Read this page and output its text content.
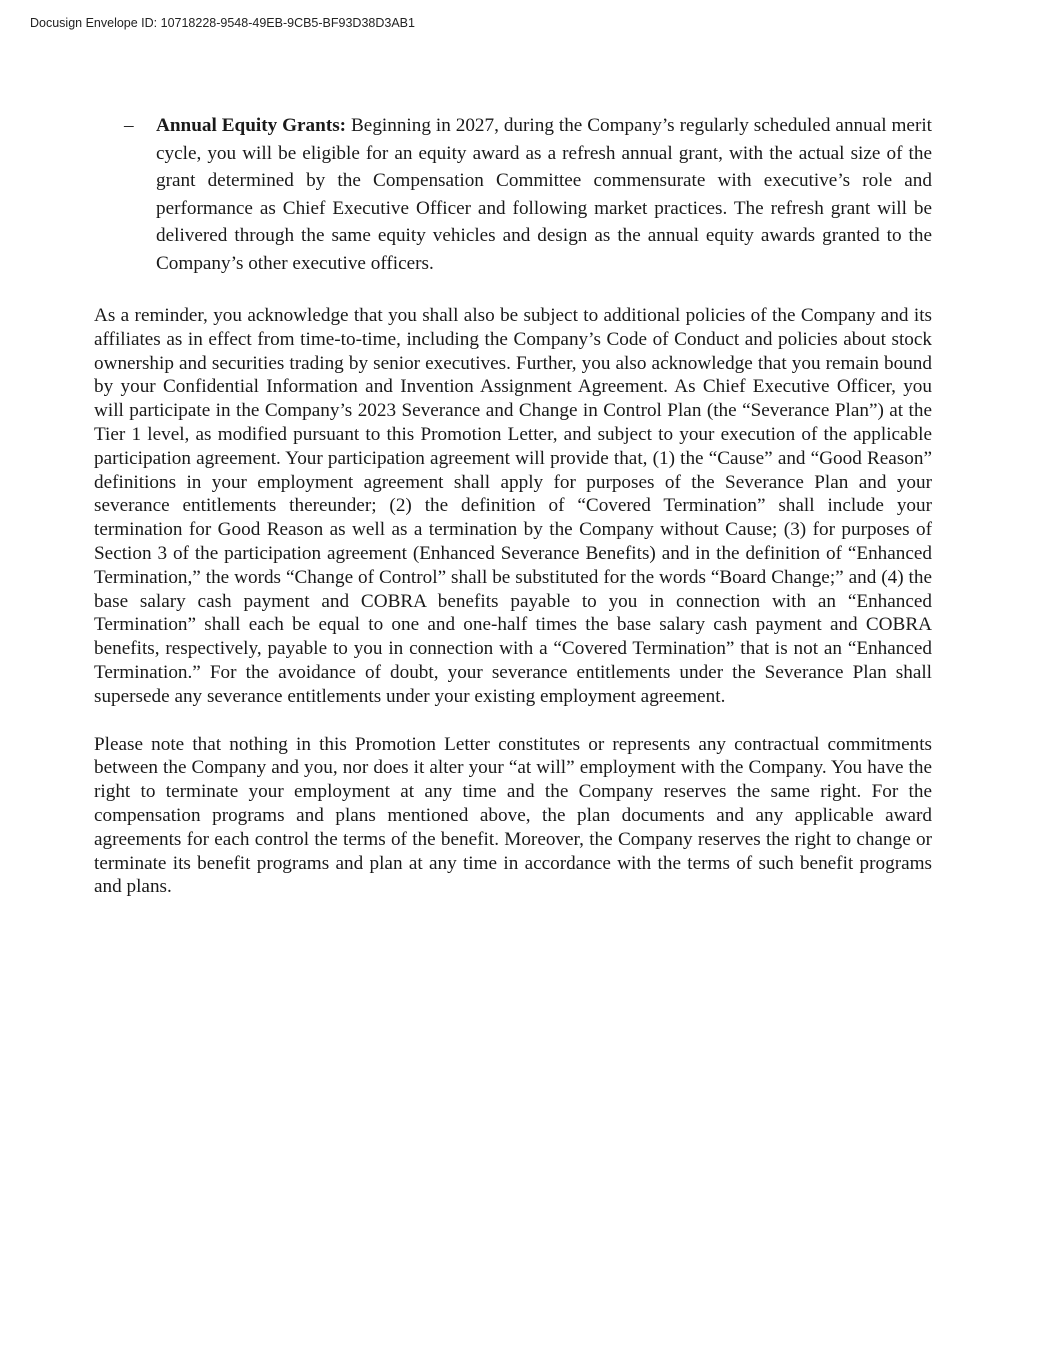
Docusign Envelope ID: 10718228-9548-49EB-9CB5-BF93D38D3AB1
– Annual Equity Grants: Beginning in 2027, during the Company’s regularly scheduled annual merit cycle, you will be eligible for an equity award as a refresh annual grant, with the actual size of the grant determined by the Compensation Committee commensurate with executive’s role and performance as Chief Executive Officer and following market practices. The refresh grant will be delivered through the same equity vehicles and design as the annual equity awards granted to the Company’s other executive officers.

As a reminder, you acknowledge that you shall also be subject to additional policies of the Company and its affiliates as in effect from time-to-time, including the Company’s Code of Conduct and policies about stock ownership and securities trading by senior executives. Further, you also acknowledge that you remain bound by your Confidential Information and Invention Assignment Agreement. As Chief Executive Officer, you will participate in the Company’s 2023 Severance and Change in Control Plan (the “Severance Plan”) at the Tier 1 level, as modified pursuant to this Promotion Letter, and subject to your execution of the applicable participation agreement. Your participation agreement will provide that, (1) the “Cause” and “Good Reason” definitions in your employment agreement shall apply for purposes of the Severance Plan and your severance entitlements thereunder; (2) the definition of “Covered Termination” shall include your termination for Good Reason as well as a termination by the Company without Cause; (3) for purposes of Section 3 of the participation agreement (Enhanced Severance Benefits) and in the definition of “Enhanced Termination,” the words “Change of Control” shall be substituted for the words “Board Change;” and (4) the base salary cash payment and COBRA benefits payable to you in connection with an “Enhanced Termination” shall each be equal to one and one-half times the base salary cash payment and COBRA benefits, respectively, payable to you in connection with a “Covered Termination” that is not an “Enhanced Termination.” For the avoidance of doubt, your severance entitlements under the Severance Plan shall supersede any severance entitlements under your existing employment agreement.

Please note that nothing in this Promotion Letter constitutes or represents any contractual commitments between the Company and you, nor does it alter your “at will” employment with the Company. You have the right to terminate your employment at any time and the Company reserves the same right. For the compensation programs and plans mentioned above, the plan documents and any applicable award agreements for each control the terms of the benefit. Moreover, the Company reserves the right to change or terminate its benefit programs and plan at any time in accordance with the terms of such benefit programs and plans.
